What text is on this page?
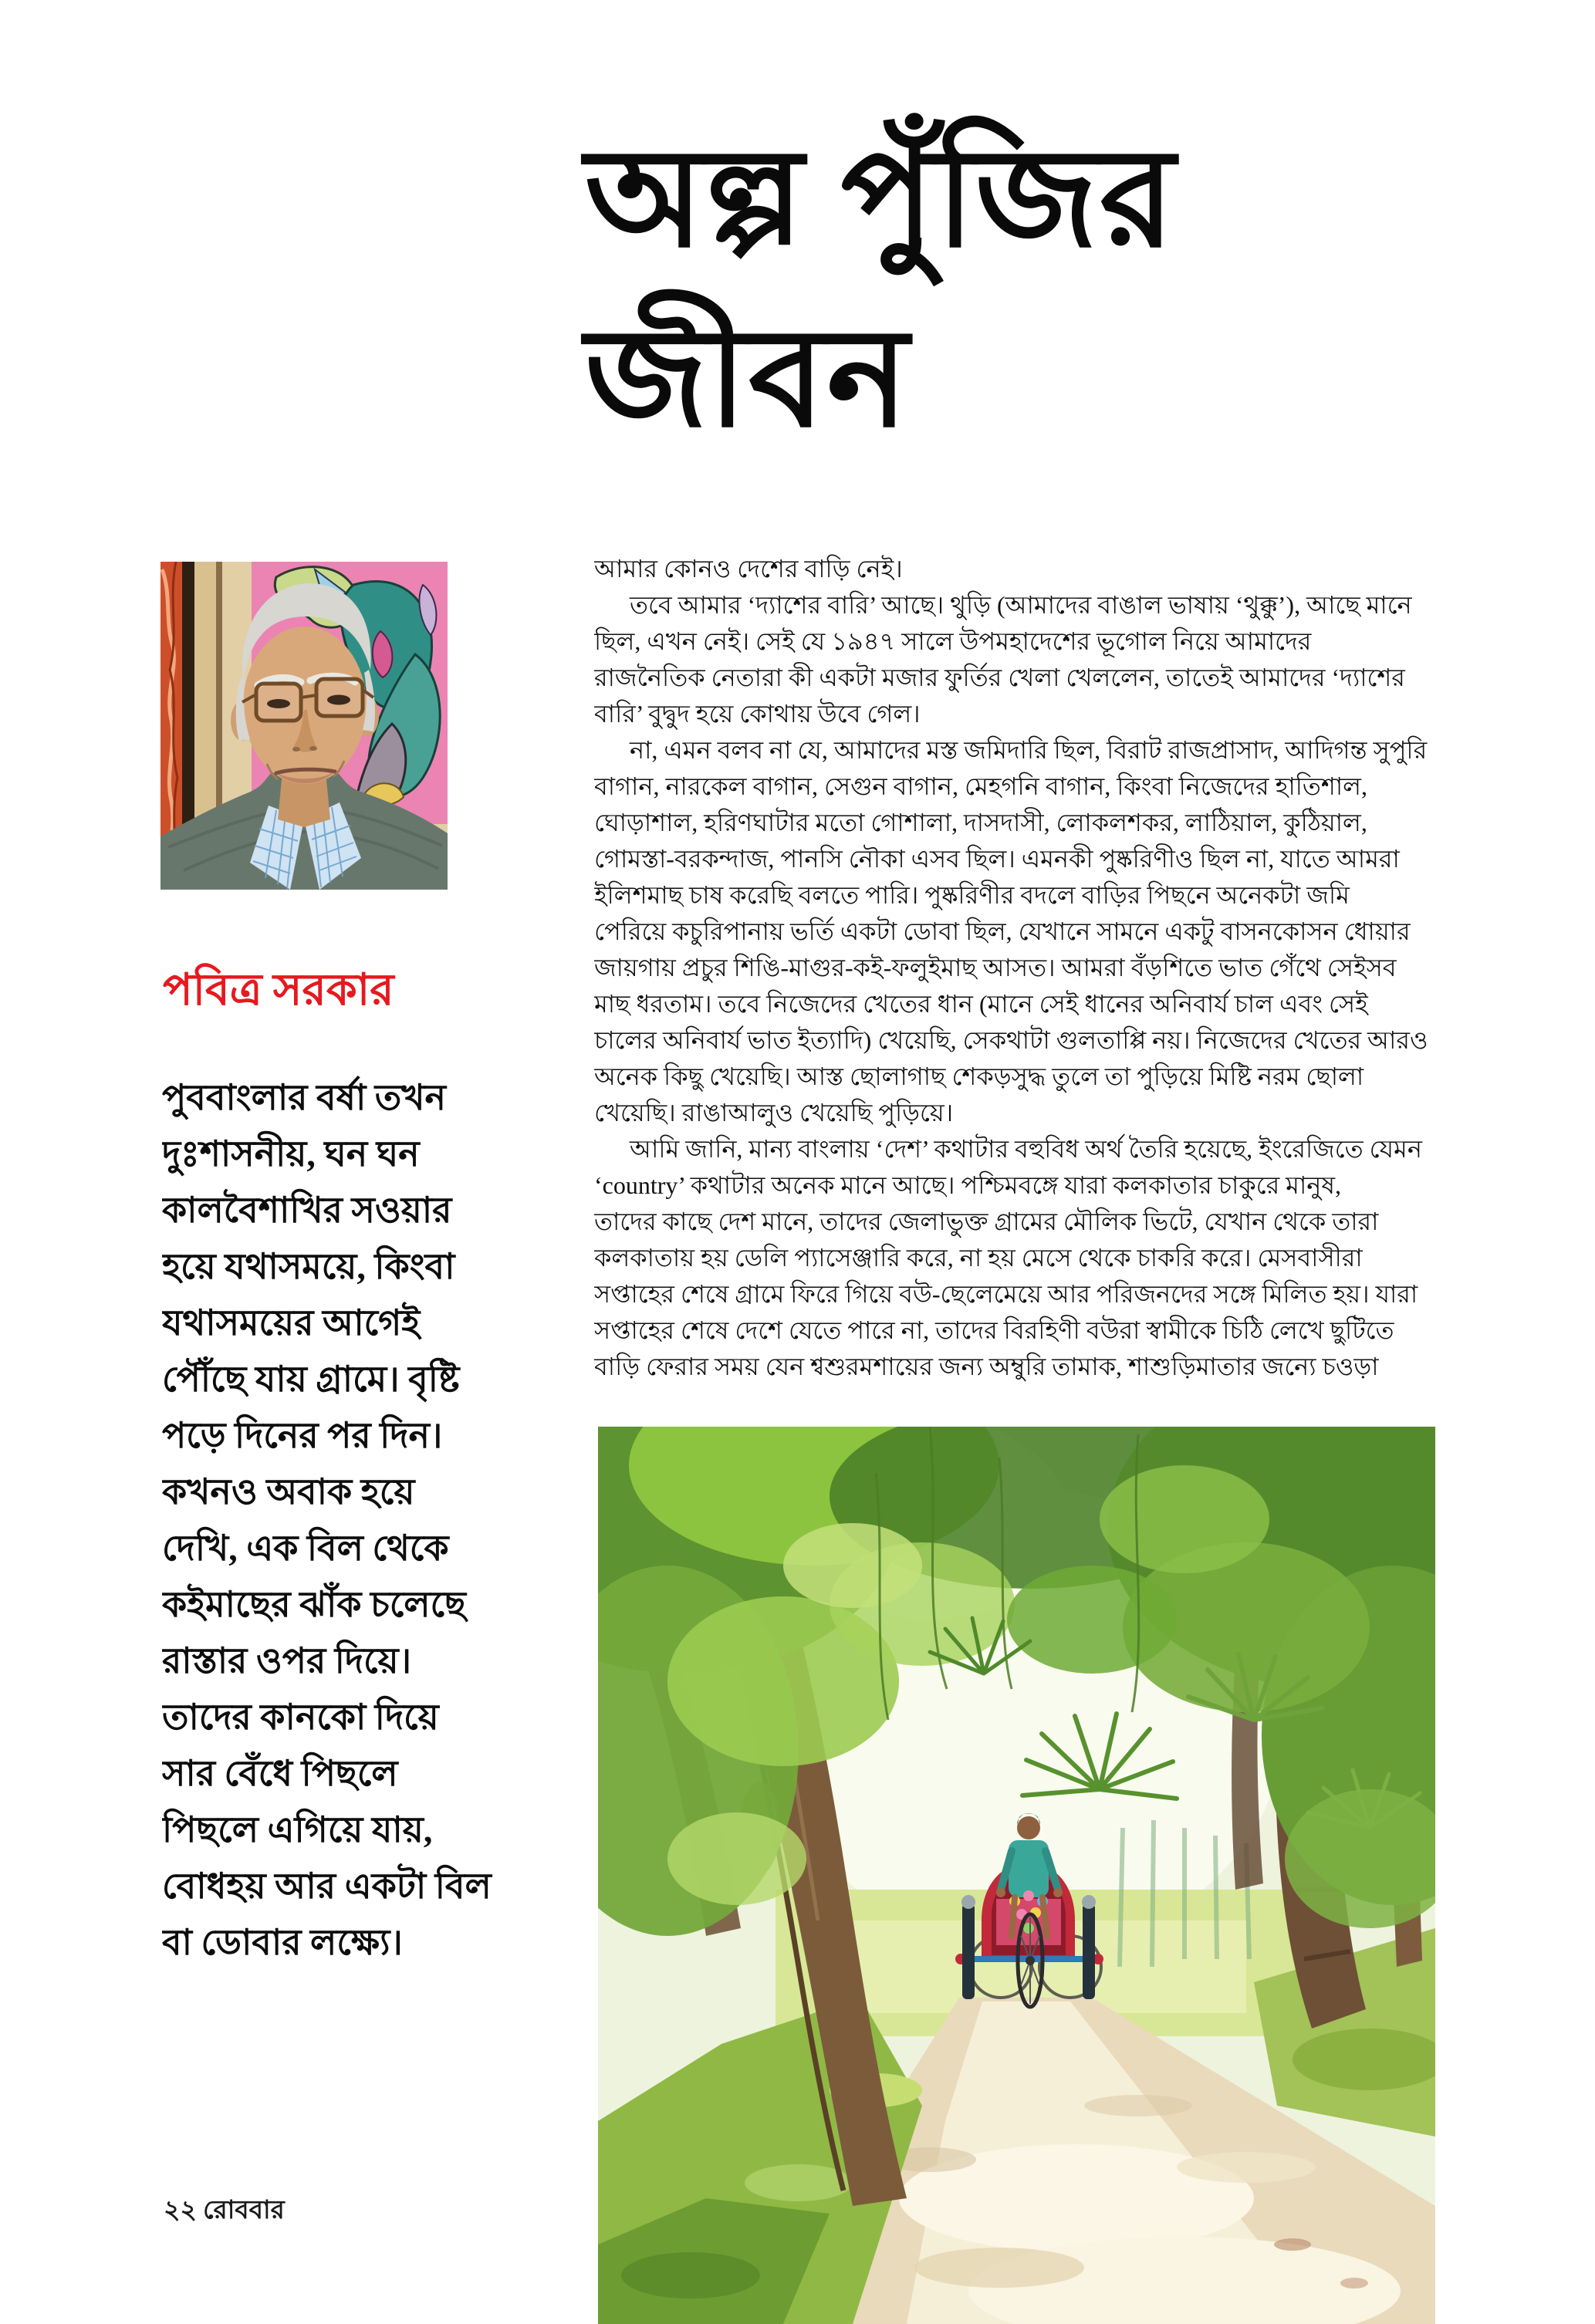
অল্প পুঁজির
জীবন
পবিত্র সরকার
পুববাংলার বর্ষা তখন
দুঃশাসনীয়, ঘন ঘন
কালবৈশাখির সওয়ার
হয়ে যথাসময়ে, কিংবা
যথাসময়ের আগেই
পৌঁছে যায় গ্রামে। বৃষ্টি
পড়ে দিনের পর দিন।
কখনও অবাক হয়ে
দেখি, এক বিল থেকে
কইমাছের ঝাঁক চলেছে
রাস্তার ওপর দিয়ে।
তাদের কানকো দিয়ে
সার বেঁধে পিছলে
পিছলে এগিয়ে যায়,
বোধহয় আর একটা বিল
বা ডোবার লক্ষ্যে।
আমার কোনও দেশের বাড়ি নেই।
তবে আমার ‘দ্যাশের বারি’ আছে। থুড়ি (আমাদের বাঙাল ভাষায় ‘থুক্কু’), আছে মানে
ছিল, এখন নেই। সেই যে ১৯৪৭ সালে উপমহাদেশের ভূগোল নিয়ে আমাদের
রাজনৈতিক নেতারা কী একটা মজার ফুর্তির খেলা খেললেন, তাতেই আমাদের ‘দ্যাশের
বারি’ বুদ্বুদ হয়ে কোথায় উবে গেল।
না, এমন বলব না যে, আমাদের মস্ত জমিদারি ছিল, বিরাট রাজপ্রাসাদ, আদিগন্ত সুপুরি
বাগান, নারকেল বাগান, সেগুন বাগান, মেহগনি বাগান, কিংবা নিজেদের হাতিশাল,
ঘোড়াশাল, হরিণঘাটার মতো গোশালা, দাসদাসী, লোকলশকর, লাঠিয়াল, কুঠিয়াল,
গোমস্তা-বরকন্দাজ, পানসি নৌকা এসব ছিল। এমনকী পুষ্করিণীও ছিল না, যাতে আমরা
ইলিশমাছ চাষ করেছি বলতে পারি। পুষ্করিণীর বদলে বাড়ির পিছনে অনেকটা জমি
পেরিয়ে কচুরিপানায় ভর্তি একটা ডোবা ছিল, যেখানে সামনে একটু বাসনকোসন ধোয়ার
জায়গায় প্রচুর শিঙি-মাগুর-কই-ফলুইমাছ আসত। আমরা বঁড়শিতে ভাত গেঁথে সেইসব
মাছ ধরতাম। তবে নিজেদের খেতের ধান (মানে সেই ধানের অনিবার্য চাল এবং সেই
চালের অনিবার্য ভাত ইত্যাদি) খেয়েছি, সেকথাটা গুলতাপ্পি নয়। নিজেদের খেতের আরও
অনেক কিছু খেয়েছি। আস্ত ছোলাগাছ শেকড়সুদ্ধ তুলে তা পুড়িয়ে মিষ্টি নরম ছোলা
খেয়েছি। রাঙাআলুও খেয়েছি পুড়িয়ে।
আমি জানি, মান্য বাংলায় ‘দেশ’ কথাটার বহুবিধ অর্থ তৈরি হয়েছে, ইংরেজিতে যেমন
‘country’ কথাটার অনেক মানে আছে। পশ্চিমবঙ্গে যারা কলকাতার চাকুরে মানুষ,
তাদের কাছে দেশ মানে, তাদের জেলাভুক্ত গ্রামের মৌলিক ভিটে, যেখান থেকে তারা
কলকাতায় হয় ডেলি প্যাসেঞ্জারি করে, না হয় মেসে থেকে চাকরি করে। মেসবাসীরা
সপ্তাহের শেষে গ্রামে ফিরে গিয়ে বউ-ছেলেমেয়ে আর পরিজনদের সঙ্গে মিলিত হয়। যারা
সপ্তাহের শেষে দেশে যেতে পারে না, তাদের বিরহিণী বউরা স্বামীকে চিঠি লেখে ছুটিতে
বাড়ি ফেরার সময় যেন শ্বশুরমশায়ের জন্য অম্বুরি তামাক, শাশুড়িমাতার জন্যে চওড়া
২২ রোববার
